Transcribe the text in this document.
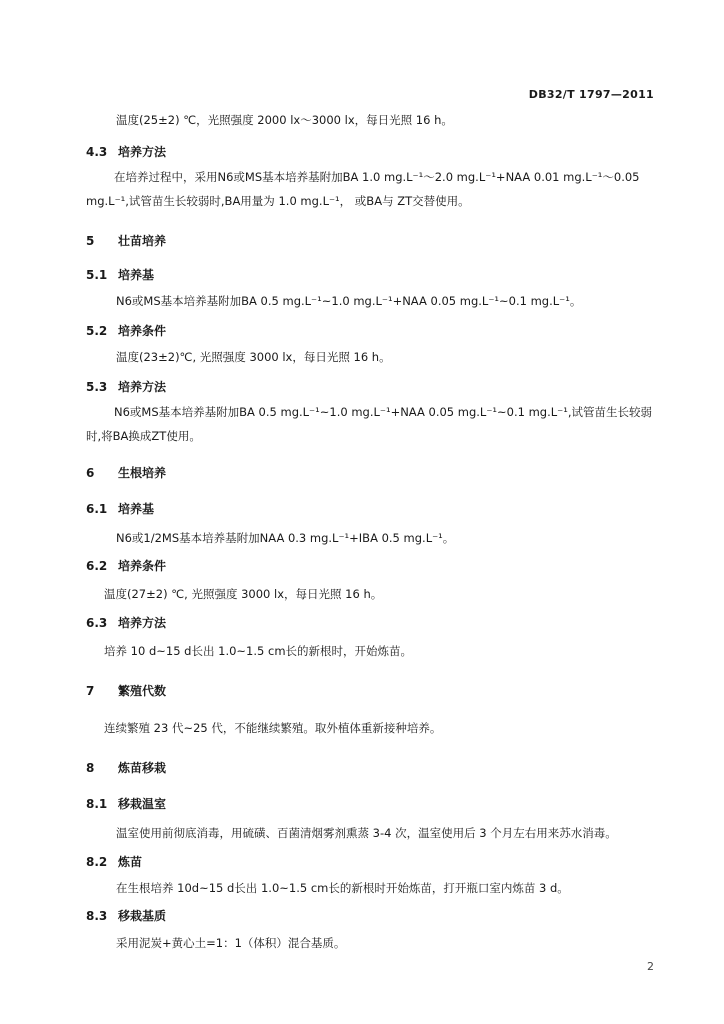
DB32/T 1797—2011
温度(25±2) ℃，光照强度 2000 lx～3000 lx，每日光照 16 h。
4.3 培养方法
在培养过程中，采用N6或MS基本培养基附加BA 1.0 mg.L⁻¹～2.0 mg.L⁻¹+NAA 0.01 mg.L⁻¹～0.05 mg.L⁻¹,试管苗生长较弱时,BA用量为 1.0 mg.L⁻¹， 或BA与 ZT交替使用。
5 壮苗培养
5.1 培养基
N6或MS基本培养基附加BA 0.5 mg.L⁻¹~1.0 mg.L⁻¹+NAA 0.05 mg.L⁻¹~0.1 mg.L⁻¹。
5.2 培养条件
温度(23±2)℃, 光照强度 3000 lx，每日光照 16 h。
5.3 培养方法
N6或MS基本培养基附加BA 0.5 mg.L⁻¹~1.0 mg.L⁻¹+NAA 0.05 mg.L⁻¹~0.1 mg.L⁻¹,试管苗生长较弱时,将BA换成ZT使用。
6 生根培养
6.1 培养基
N6或1/2MS基本培养基附加NAA 0.3 mg.L⁻¹+IBA 0.5 mg.L⁻¹。
6.2 培养条件
温度(27±2) ℃, 光照强度 3000 lx，每日光照 16 h。
6.3 培养方法
培养 10 d~15 d长出 1.0~1.5 cm长的新根时，开始炼苗。
7 繁殖代数
连续繁殖 23 代~25 代，不能继续繁殖。取外植体重新接种培养。
8 炼苗移栽
8.1 移栽温室
温室使用前彻底消毒，用硫磺、百菌清烟雾剂熏蒸 3-4 次，温室使用后 3 个月左右用来苏水消毒。
8.2 炼苗
在生根培养 10d~15 d长出 1.0~1.5 cm长的新根时开始炼苗，打开瓶口室内炼苗 3 d。
8.3 移栽基质
采用泥炭+黄心土=1：1（体积）混合基质。
2
